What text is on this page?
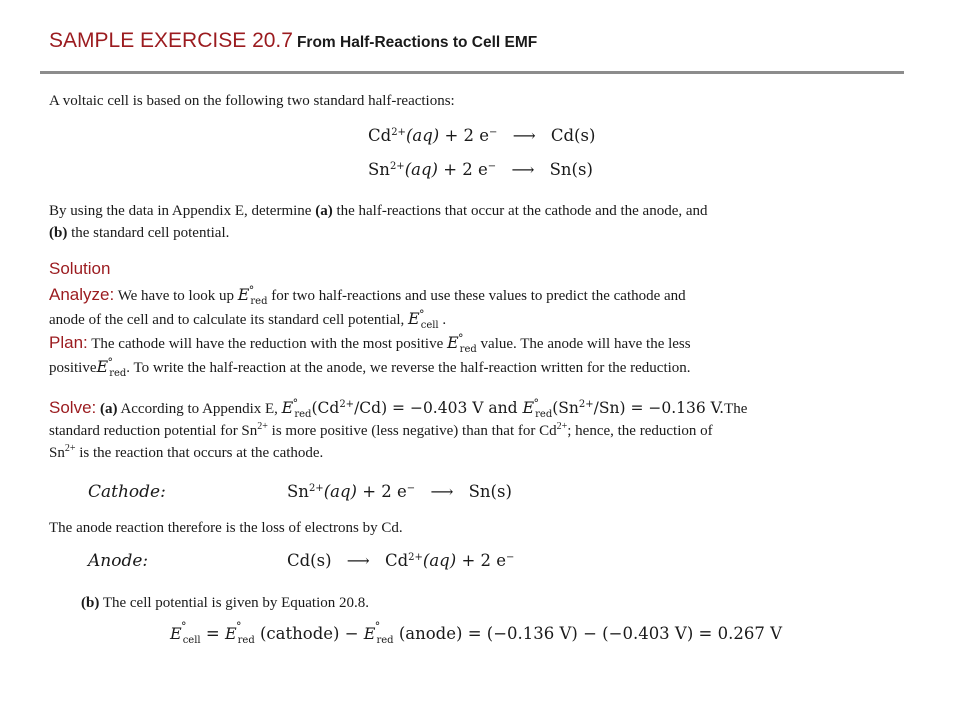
SAMPLE EXERCISE 20.7 From Half-Reactions to Cell EMF
A voltaic cell is based on the following two standard half-reactions:
$Cd^{2+}(aq) + 2$ e− ⟶ Cd(s)
$Sn^{2+}(aq) + 2$ e− ⟶ Sn(s)
By using the data in Appendix E, determine (a) the half-reactions that occur at the cathode and the anode, and
(b) the standard cell potential.
Solution
Analyze: We have to look up E °
$_{red}$ for two half-reactions and use these values to predict the cathode and
anode of the cell and to calculate its standard cell potential, E °
$_{cell}$ .
Plan: The cathode will have the reduction with the most positive E °
$_{red}$ value. The anode will have the less
positiveE °
$_{red}$. To write the half-reaction at the anode, we reverse the half-reaction written for the reduction.
Solve: (a) According to Appendix E, E °
$_{red}(Cd^{2+}/Cd) = -0.403$ V and E °
$_{red}(Sn^{2+}/Sn) = -0.136$ V.The
standard reduction potential for $Sn^{2+}$ is more positive (less negative) than that for $Cd^{2+}$; hence, the reduction of
$Sn^{2+}$ is the reaction that occurs at the cathode.
Cathode:	$Sn^{2+}(aq) + 2$ e− ⟶ Sn(s)
The anode reaction therefore is the loss of electrons by Cd.
Anode:	Cd(s) ⟶ $Cd^{2+}(aq) + 2$ e−
(b) The cell potential is given by Equation 20.8.
E °
$_{cell}$ = E °
$_{red}$ (cathode) − E °
$_{red}$ (anode) = (−0.136 V) − (−0.403 V) = 0.267 V
